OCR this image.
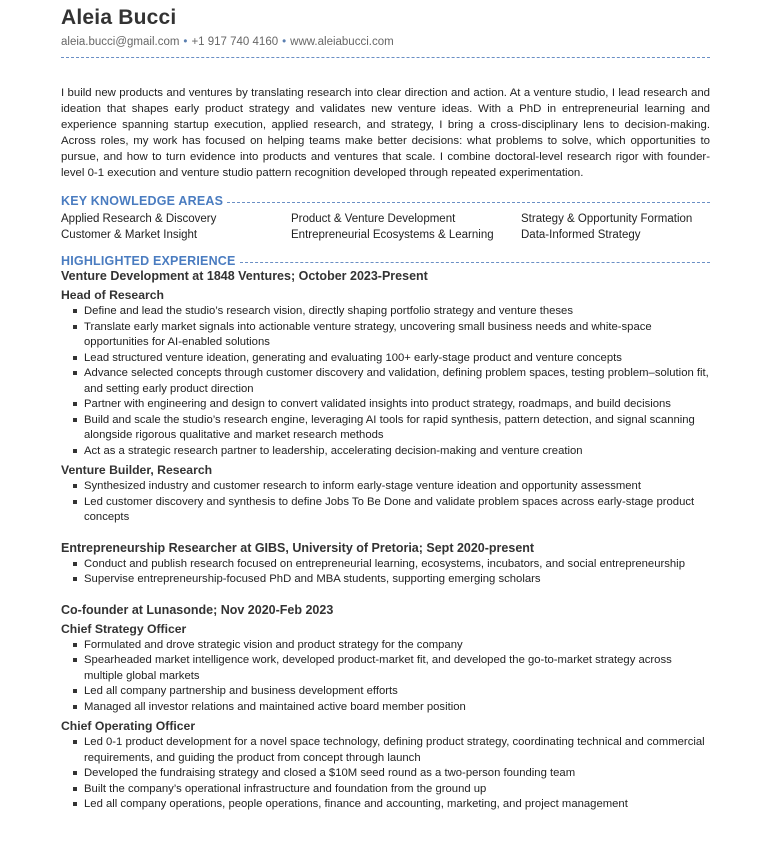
Aleia Bucci
aleia.bucci@gmail.com • +1 917 740 4160 • www.aleiabucci.com
I build new products and ventures by translating research into clear direction and action. At a venture studio, I lead research and ideation that shapes early product strategy and validates new venture ideas. With a PhD in entrepreneurial learning and experience spanning startup execution, applied research, and strategy, I bring a cross-disciplinary lens to decision-making. Across roles, my work has focused on helping teams make better decisions: what problems to solve, which opportunities to pursue, and how to turn evidence into products and ventures that scale. I combine doctoral-level research rigor with founder-level 0-1 execution and venture studio pattern recognition developed through repeated experimentation.
KEY KNOWLEDGE AREAS
Applied Research & Discovery	Product & Venture Development	Strategy & Opportunity Formation
Customer & Market Insight	Entrepreneurial Ecosystems & Learning	Data-Informed Strategy
HIGHLIGHTED EXPERIENCE
Venture Development at 1848 Ventures; October 2023-Present
Head of Research
Define and lead the studio’s research vision, directly shaping portfolio strategy and venture theses
Translate early market signals into actionable venture strategy, uncovering small business needs and white-space opportunities for AI-enabled solutions
Lead structured venture ideation, generating and evaluating 100+ early-stage product and venture concepts
Advance selected concepts through customer discovery and validation, defining problem spaces, testing problem–solution fit, and setting early product direction
Partner with engineering and design to convert validated insights into product strategy, roadmaps, and build decisions
Build and scale the studio’s research engine, leveraging AI tools for rapid synthesis, pattern detection, and signal scanning alongside rigorous qualitative and market research methods
Act as a strategic research partner to leadership, accelerating decision-making and venture creation
Venture Builder, Research
Synthesized industry and customer research to inform early-stage venture ideation and opportunity assessment
Led customer discovery and synthesis to define Jobs To Be Done and validate problem spaces across early-stage product concepts
Entrepreneurship Researcher at GIBS, University of Pretoria; Sept 2020-present
Conduct and publish research focused on entrepreneurial learning, ecosystems, incubators, and social entrepreneurship
Supervise entrepreneurship-focused PhD and MBA students, supporting emerging scholars
Co-founder at Lunasonde; Nov 2020-Feb 2023
Chief Strategy Officer
Formulated and drove strategic vision and product strategy for the company
Spearheaded market intelligence work, developed product-market fit, and developed the go-to-market strategy across multiple global markets
Led all company partnership and business development efforts
Managed all investor relations and maintained active board member position
Chief Operating Officer
Led 0-1 product development for a novel space technology, defining product strategy, coordinating technical and commercial requirements, and guiding the product from concept through launch
Developed the fundraising strategy and closed a $10M seed round as a two-person founding team
Built the company’s operational infrastructure and foundation from the ground up
Led all company operations, people operations, finance and accounting, marketing, and project management
